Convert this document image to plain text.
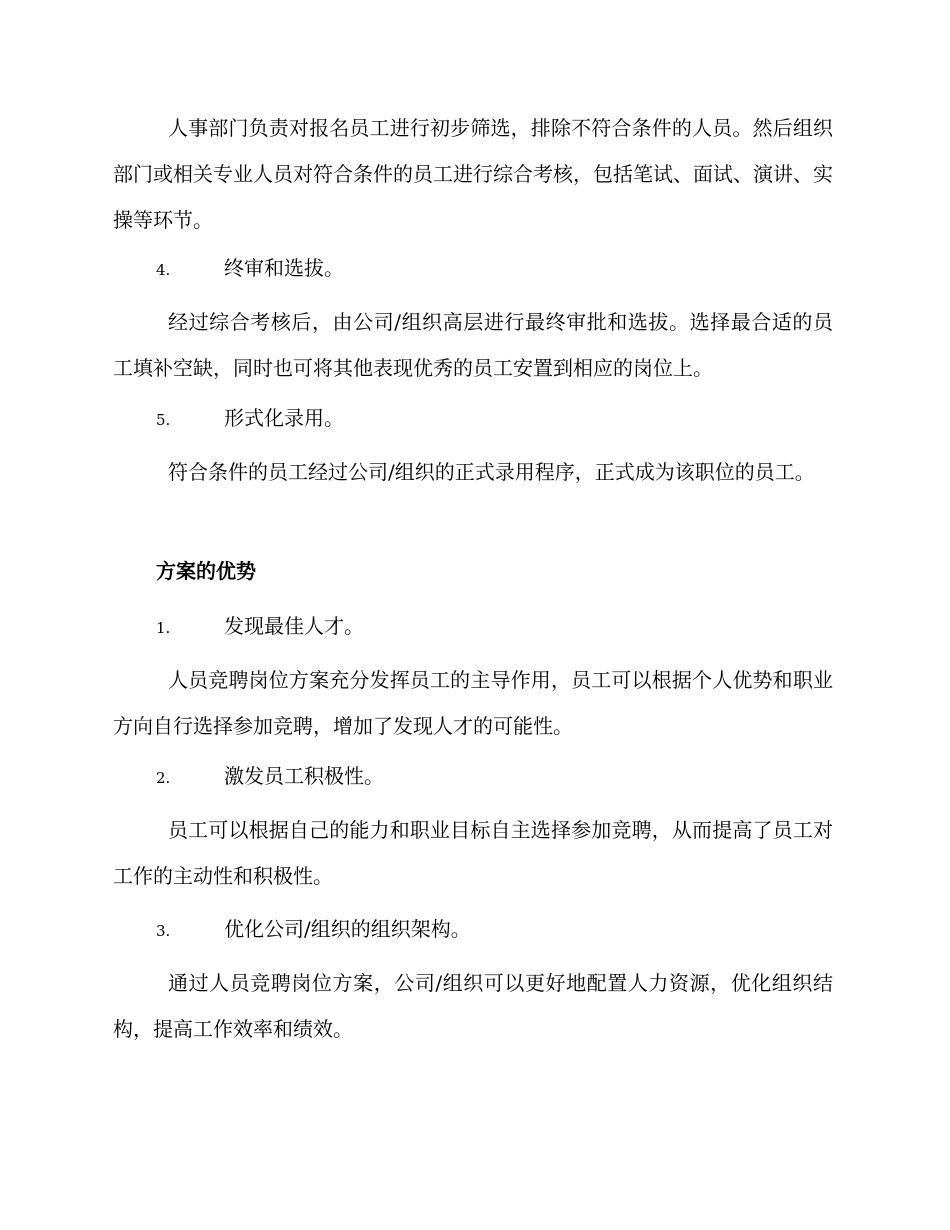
人事部门负责对报名员工进行初步筛选，排除不符合条件的人员。然后组织部门或相关专业人员对符合条件的员工进行综合考核，包括笔试、面试、演讲、实操等环节。

4.	终审和选拔。

经过综合考核后，由公司/组织高层进行最终审批和选拔。选择最合适的员工填补空缺，同时也可将其他表现优秀的员工安置到相应的岗位上。

5.	形式化录用。

符合条件的员工经过公司/组织的正式录用程序，正式成为该职位的员工。

方案的优势
1.	发现最佳人才。

人员竞聘岗位方案充分发挥员工的主导作用，员工可以根据个人优势和职业方向自行选择参加竞聘，增加了发现人才的可能性。

2.	激发员工积极性。

员工可以根据自己的能力和职业目标自主选择参加竞聘，从而提高了员工对工作的主动性和积极性。

3.	优化公司/组织的组织架构。

通过人员竞聘岗位方案，公司/组织可以更好地配置人力资源，优化组织结构，提高工作效率和绩效。
